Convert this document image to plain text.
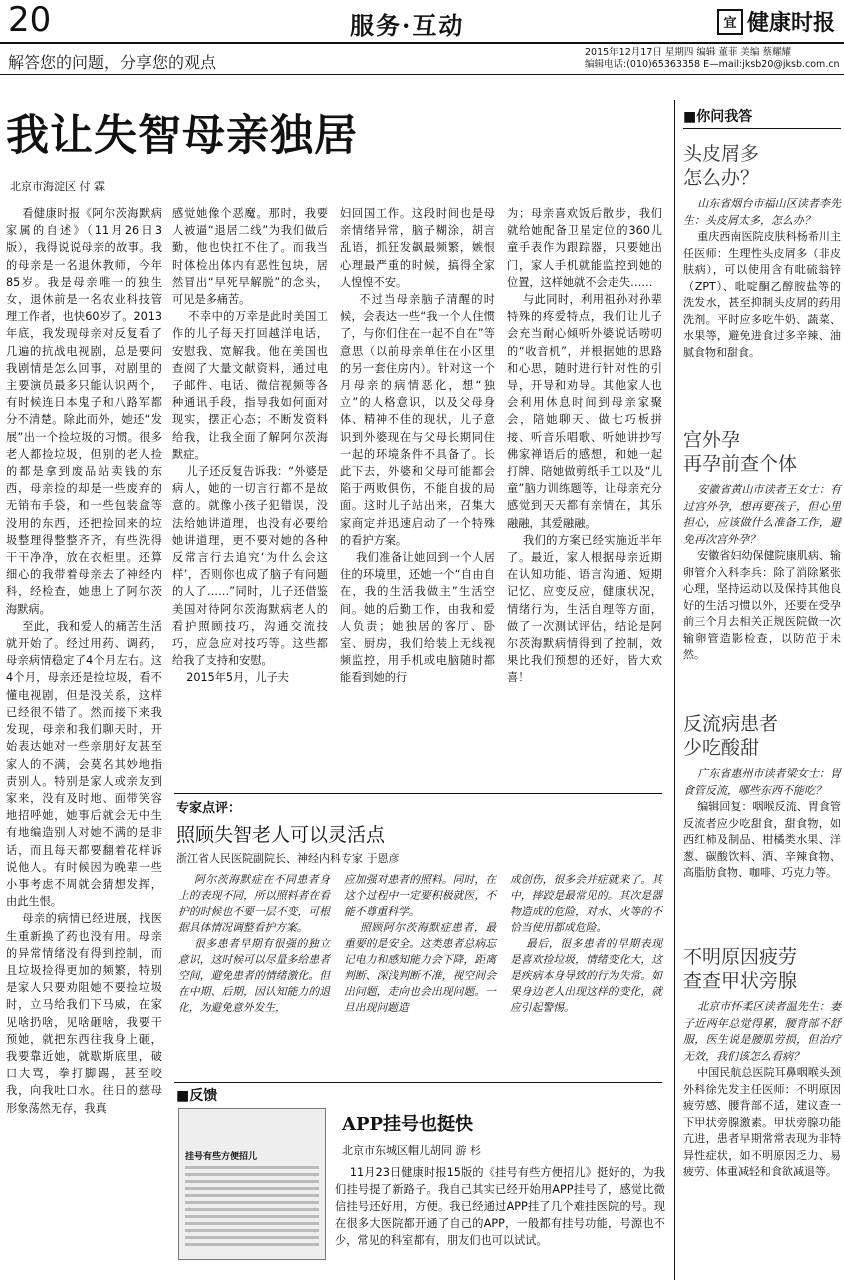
20	服务·互动	宜 健康时报
解答您的问题，分享您的观点
2015年12月17日 星期四 编辑 董菲 美编 蔡耀耀
编辑电话:(010)65363358 E—mail:jksb20@jksb.com.cn
我让失智母亲独居
北京市海淀区 付 霖
看健康时报《阿尔茨海默病家属的自述》（11月26日3版），我得说说母亲的故事。我的母亲是一名退休教师，今年85岁。我是母亲唯一的独生女，退休前是一名农业科技管理工作者，也快60岁了。2013年底，我发现母亲对反复看了几遍的抗战电视剧，总是要问我剧情是怎么回事，对剧里的主要演员最多只能认识两个，有时候连日本鬼子和八路军都分不清楚。除此而外，她还“发展”出一个捡垃圾的习惯。很多老人都捡垃圾，但别的老人捡的都是拿到废品站卖钱的东西，母亲捡的却是一些废弃的无销布手袋，和一些包装盒等没用的东西，还把捡回来的垃圾整理得整整齐齐，有些洗得干干净净，放在衣柜里。还算细心的我带着母亲去了神经内科，经检查，她患上了阿尔茨海默病。
至此，我和爱人的痛苦生活就开始了。经过用药、调药，母亲病情稳定了4个月左右。这4个月，母亲还是捡垃圾，看不懂电视剧，但是没关系，这样已经很不错了。然而接下来我发现，母亲和我们聊天时，开始表达她对一些亲朋好友甚至家人的不满，会莫名其妙地指责别人。特别是家人或亲友到家来，没有及时地、面带笑容地招呼她，她事后就会无中生有地编造别人对她不满的是非话，而且每天都要翻着花样诉说他人。有时候因为晚辈一些小事考虑不周就会猜想发挥，由此生恨。
母亲的病情已经进展，找医生重新换了药也没有用。母亲的异常情绪没有得到控制，而且垃圾捡得更加的频繁，特别是家人只要劝阻她不要捡垃圾时，立马给我们下马威，在家见啥扔啥，见啥砸啥，我要干预她，就把东西往我身上砸，我要靠近她，就歇斯底里，破口大骂，拳打脚踢，甚至咬我，向我吐口水。往日的慈母形象荡然无存，我真
感觉她像个恶魔。那时，我要人被逼“退居二线”为我们做后勤，他也快扛不住了。而我当时体检出体内有恶性包块，居然冒出“早死早解脱”的念头，可见是多痛苦。
不幸中的万幸是此时美国工作的儿子每天打回越洋电话，安慰我、宽解我。他在美国也查阅了大量文献资料，通过电子邮件、电话、微信视频等各种通讯手段，指导我如何面对现实，摆正心态；不断发资料给我，让我全面了解阿尔茨海默症。
儿子还反复告诉我：“外婆是病人，她的一切言行都不是故意的。就像小孩子犯错误，没法给她讲道理，也没有必要给她讲道理，更不要对她的各种反常言行去追究‘为什么会这样’，否则你也成了脑子有问题的人了……”同时，儿子还借鉴美国对待阿尔茨海默病老人的看护照顾技巧，沟通交流技巧，应急应对技巧等。这些都给我了支持和安慰。
2015年5月，儿子夫
妇回国工作。这段时间也是母亲情绪异常，脑子糊涂，胡言乱语，抓狂发飙最频繁，嫉恨心理最严重的时候，搞得全家人惶惶不安。
不过当母亲脑子清醒的时候，会表达一些“我一个人住惯了，与你们住在一起不自在”等意思（以前母亲单住在小区里的另一套住房内）。针对这一个月母亲的病情恶化，想“独立”的人格意识，以及父母身体、精神不佳的现状，儿子意识到外婆现在与父母长期同住一起的环境条件不具备了。长此下去，外婆和父母可能都会陷于两败俱伤，不能自拔的局面。这时儿子站出来，召集大家商定并迅速启动了一个特殊的看护方案。
我们准备让她回到一个人居住的环境里，还她一个“自由自在，我的生活我做主”生活空间。她的后勤工作，由我和爱人负责；她独居的客厅、卧室、厨房，我们给装上无线视频监控，用手机或电脑随时都能看到她的行
为；母亲喜欢饭后散步，我们就给她配备卫星定位的360儿童手表作为跟踪器，只要她出门，家人手机就能监控到她的位置，这样她就不会走失……
与此同时，利用祖孙对孙辈特殊的疼爱特点，我们让儿子会充当耐心倾听外婆说话唠叨的“收音机”，并根据她的思路和心思，随时进行针对性的引导，开导和劝导。其他家人也会利用休息时间到母亲家聚会，陪她聊天、做七巧板拼接、听音乐唱歌、听她讲抄写佛家禅语后的感想，和她一起打牌、陪她做剪纸手工以及“儿童”脑力训练题等，让母亲充分感觉到天天都有亲情在，其乐融融，其爱融融。
我们的方案已经实施近半年了。最近，家人根据母亲近期在认知功能、语言沟通、短期记忆、应变反应，健康状况，情绪行为，生活自理等方面，做了一次测试评估，结论是阿尔茨海默病情得到了控制，效果比我们预想的还好，皆大欢喜！
专家点评：
照顾失智老人可以灵活点
浙江省人民医院副院长、神经内科专家 于恩彦
阿尔茨海默症在不同患者身上的表现不同，所以照料者在看护的时候也不要一层不变，可根据具体情况调整看护方案。
很多患者早期有很强的独立意识，这时候可以尽量多给患者空间，避免患者的情绪激化。但在中期、后期，因认知能力的退化，为避免意外发生，
应加强对患者的照料。同时，在这个过程中一定要积极就医，不能不尊重科学。
照顾阿尔茨海默症患者，最重要的是安全。这类患者总病忘记电力和感知能力会下降，距离判断、深浅判断不准，视空间会出问题，走向也会出现问题。一旦出现问题造
成创伤，很多会并症就来了。其中，摔跤是最常见的。其次是器物造成的危险，对水、火等的不恰当使用都成危险。
最后，很多患者的早期表现是喜欢捡垃圾，情绪变化大，这是疾病本身导致的行为失常。如果身边老人出现这样的变化，就应引起警惕。
■反馈
挂号有些方便招儿
APP挂号也挺快
北京市东城区帽儿胡同 游 杉
11月23日健康时报15版的《挂号有些方便招儿》挺好的，为我们挂号提了新路子。我自己其实已经开始用APP挂号了，感觉比微信挂号还好用，方便。我已经通过APP挂了几个难挂医院的号。现在很多大医院都开通了自己的APP，一般都有挂号功能，号源也不少，常见的科室都有，朋友们也可以试试。
■你问我答
头皮屑多
怎么办？
山东省烟台市福山区读者李先生：头皮屑太多，怎么办？
重庆西南医院皮肤科杨希川主任医师：生理性头皮屑多（非皮肤病），可以使用含有吡硫翁锌（ZPT）、吡啶酮乙醇胺盐等的洗发水，甚至抑制头皮屑的药用洗剂。平时应多吃牛奶、蔬菜、水果等，避免进食过多辛辣、油腻食物和甜食。
宫外孕
再孕前查个体
安徽省黄山市读者王女士：有过宫外孕，想再要孩子，但心里担心，应该做什么准备工作，避免再次宫外孕？
安徽省妇幼保健院康肌病、输卵管介入科李兵：除了消除紧张心理，坚持运动以及保持其他良好的生活习惯以外，还要在受孕前三个月去相关正规医院做一次输卵管造影检查，以防范于未然。
反流病患者
少吃酸甜
广东省惠州市读者梁女士：胃食管反流，哪些东西不能吃？
编辑回复：咽喉反流、胃食管反流者应少吃甜食，甜食物，如西红柿及制品、柑橘类水果、洋葱、碳酸饮料、酒、辛辣食物、高脂肪食物、咖啡、巧克力等。
不明原因疲劳
查查甲状旁腺
北京市怀柔区读者温先生：妻子近两年总觉得累，腰背部不舒服，医生说是腰肌劳损，但治疗无效，我们该怎么看病？
中国民航总医院耳鼻咽喉头颈外科徐先发主任医师：不明原因疲劳感、腰背部不适，建议查一下甲状旁腺激素。甲状旁腺功能亢进，患者早期常常表现为非特异性症状，如不明原因乏力、易疲劳、体重减轻和食欲减退等。
